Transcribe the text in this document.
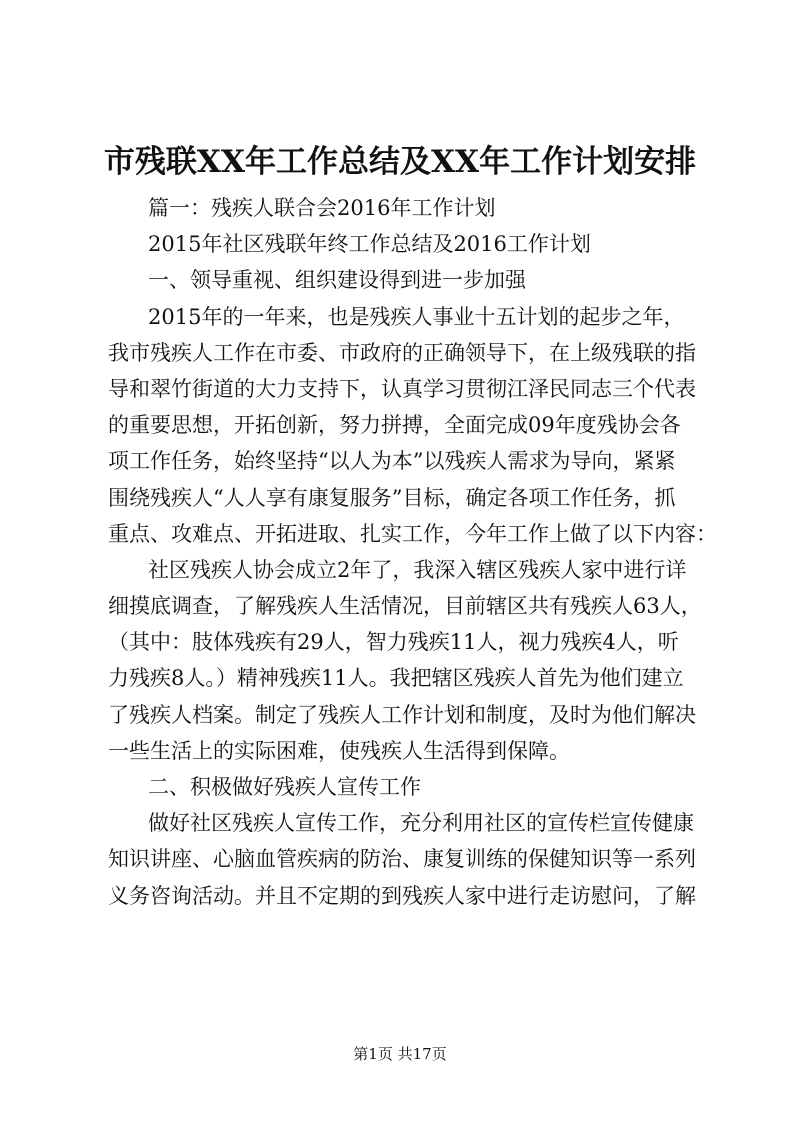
市残联XX年工作总结及XX年工作计划安排
篇一：残疾人联合会2016年工作计划
2015年社区残联年终工作总结及2016工作计划
一、领导重视、组织建设得到进一步加强
2015年的一年来，也是残疾人事业十五计划的起步之年，
我市残疾人工作在市委、市政府的正确领导下，在上级残联的指
导和翠竹街道的大力支持下，认真学习贯彻江泽民同志三个代表
的重要思想，开拓创新，努力拼搏，全面完成09年度残协会各
项工作任务，始终坚持“以人为本”以残疾人需求为导向，紧紧
围绕残疾人“人人享有康复服务”目标，确定各项工作任务，抓
重点、攻难点、开拓进取、扎实工作，今年工作上做了以下内容：
社区残疾人协会成立2年了，我深入辖区残疾人家中进行详
细摸底调查，了解残疾人生活情况，目前辖区共有残疾人63人，
（其中：肢体残疾有29人，智力残疾11人，视力残疾4人，听
力残疾8人。）精神残疾11人。我把辖区残疾人首先为他们建立
了残疾人档案。制定了残疾人工作计划和制度，及时为他们解决
一些生活上的实际困难，使残疾人生活得到保障。
二、积极做好残疾人宣传工作
做好社区残疾人宣传工作，充分利用社区的宣传栏宣传健康
知识讲座、心脑血管疾病的防治、康复训练的保健知识等一系列
义务咨询活动。并且不定期的到残疾人家中进行走访慰问，了解
第1页 共17页
